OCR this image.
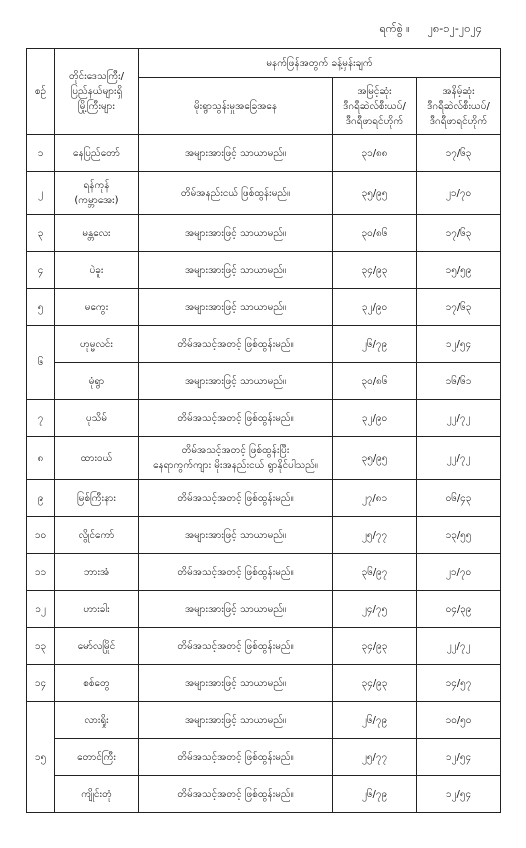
ရက်စွဲ ။ ၂၈-၁၂-၂၀၂၄
စဉ်	တိုင်းဒေသကြီး/
ပြည်နယ်များရှိ
မြို့ကြီးများ	မနက်ဖြန်အတွက် ခန့်မှန်းချက်		
		မိုးရွာသွန်းမှုအခြေအနေ	အမြင့်ဆုံး
ဒီဂရီဆဲလ်စီးယပ်/
ဒီဂရီဖာရင်ဟိုက်	အနိမ့်ဆုံး
ဒီဂရီဆဲလ်စီးယပ်/
ဒီဂရီဖာရင်ဟိုက်

၁	နေပြည်တော်	အများအားဖြင့် သာယာမည်။	၃၁/၈၈	၁၇/၆၃
၂	ရန်ကုန်
(ကမ္ဘာအေး)	တိမ်အနည်းငယ် ဖြစ်ထွန်းမည်။	၃၅/၉၅	၂၁/၇၀
၃	မန္တလေး	အများအားဖြင့် သာယာမည်။	၃၀/၈၆	၁၇/၆၃
၄	ပဲခူး	အများအားဖြင့် သာယာမည်။	၃၄/၉၃	၁၅/၅၉
၅	မကွေး	အများအားဖြင့် သာယာမည်။	၃၂/၉၀	၁၇/၆၃
၆	ဟုမ္မလင်း	တိမ်အသင့်အတင့် ဖြစ်ထွန်းမည်။	၂၆/၇၉	၁၂/၅၄

	မုံရွာ	အများအားဖြင့် သာယာမည်။	၃၀/၈၆	၁၆/၆၁
၇	ပုသိမ်	တိမ်အသင့်အတင့် ဖြစ်ထွန်းမည်။	၃၂/၉၀	၂၂/၇၂
၈	ထားဝယ်	တိမ်အသင့်အတင့် ဖြစ်ထွန်းပြီး
နေရာကွက်ကျား မိုးအနည်းငယ် ရွာနိုင်ပါသည်။	၃၅/၉၅	၂၂/၇၂
၉	မြစ်ကြီးနား	တိမ်အသင့်အတင့် ဖြစ်ထွန်းမည်။	၂၇/၈၁	၀၆/၄၃
၁၀	လွိုင်ကော်	အများအားဖြင့် သာယာမည်။	၂၅/၇၇	၁၃/၅၅
၁၁	ဘားအံ	တိမ်အသင့်အတင့် ဖြစ်ထွန်းမည်။	၃၆/၉၇	၂၁/၇၀
၁၂	ဟားခါး	အများအားဖြင့် သာယာမည်။	၂၄/၇၅	၀၄/၃၉
၁၃	မော်လမြိုင်	တိမ်အသင့်အတင့် ဖြစ်ထွန်းမည်။	၃၄/၉၃	၂၂/၇၂
၁၄	စစ်တွေ	အများအားဖြင့် သာယာမည်။	၃၄/၉၃	၁၄/၅၇
၁၅	လားရှိုး	အများအားဖြင့် သာယာမည်။	၂၆/၇၉	၁၀/၅၀

	တောင်ကြီး	တိမ်အသင့်အတင့် ဖြစ်ထွန်းမည်။	၂၅/၇၇	၁၂/၅၄

	ကျိုင်းတုံ	တိမ်အသင့်အတင့် ဖြစ်ထွန်းမည်။	၂၆/၇၉	၁၂/၅၄
